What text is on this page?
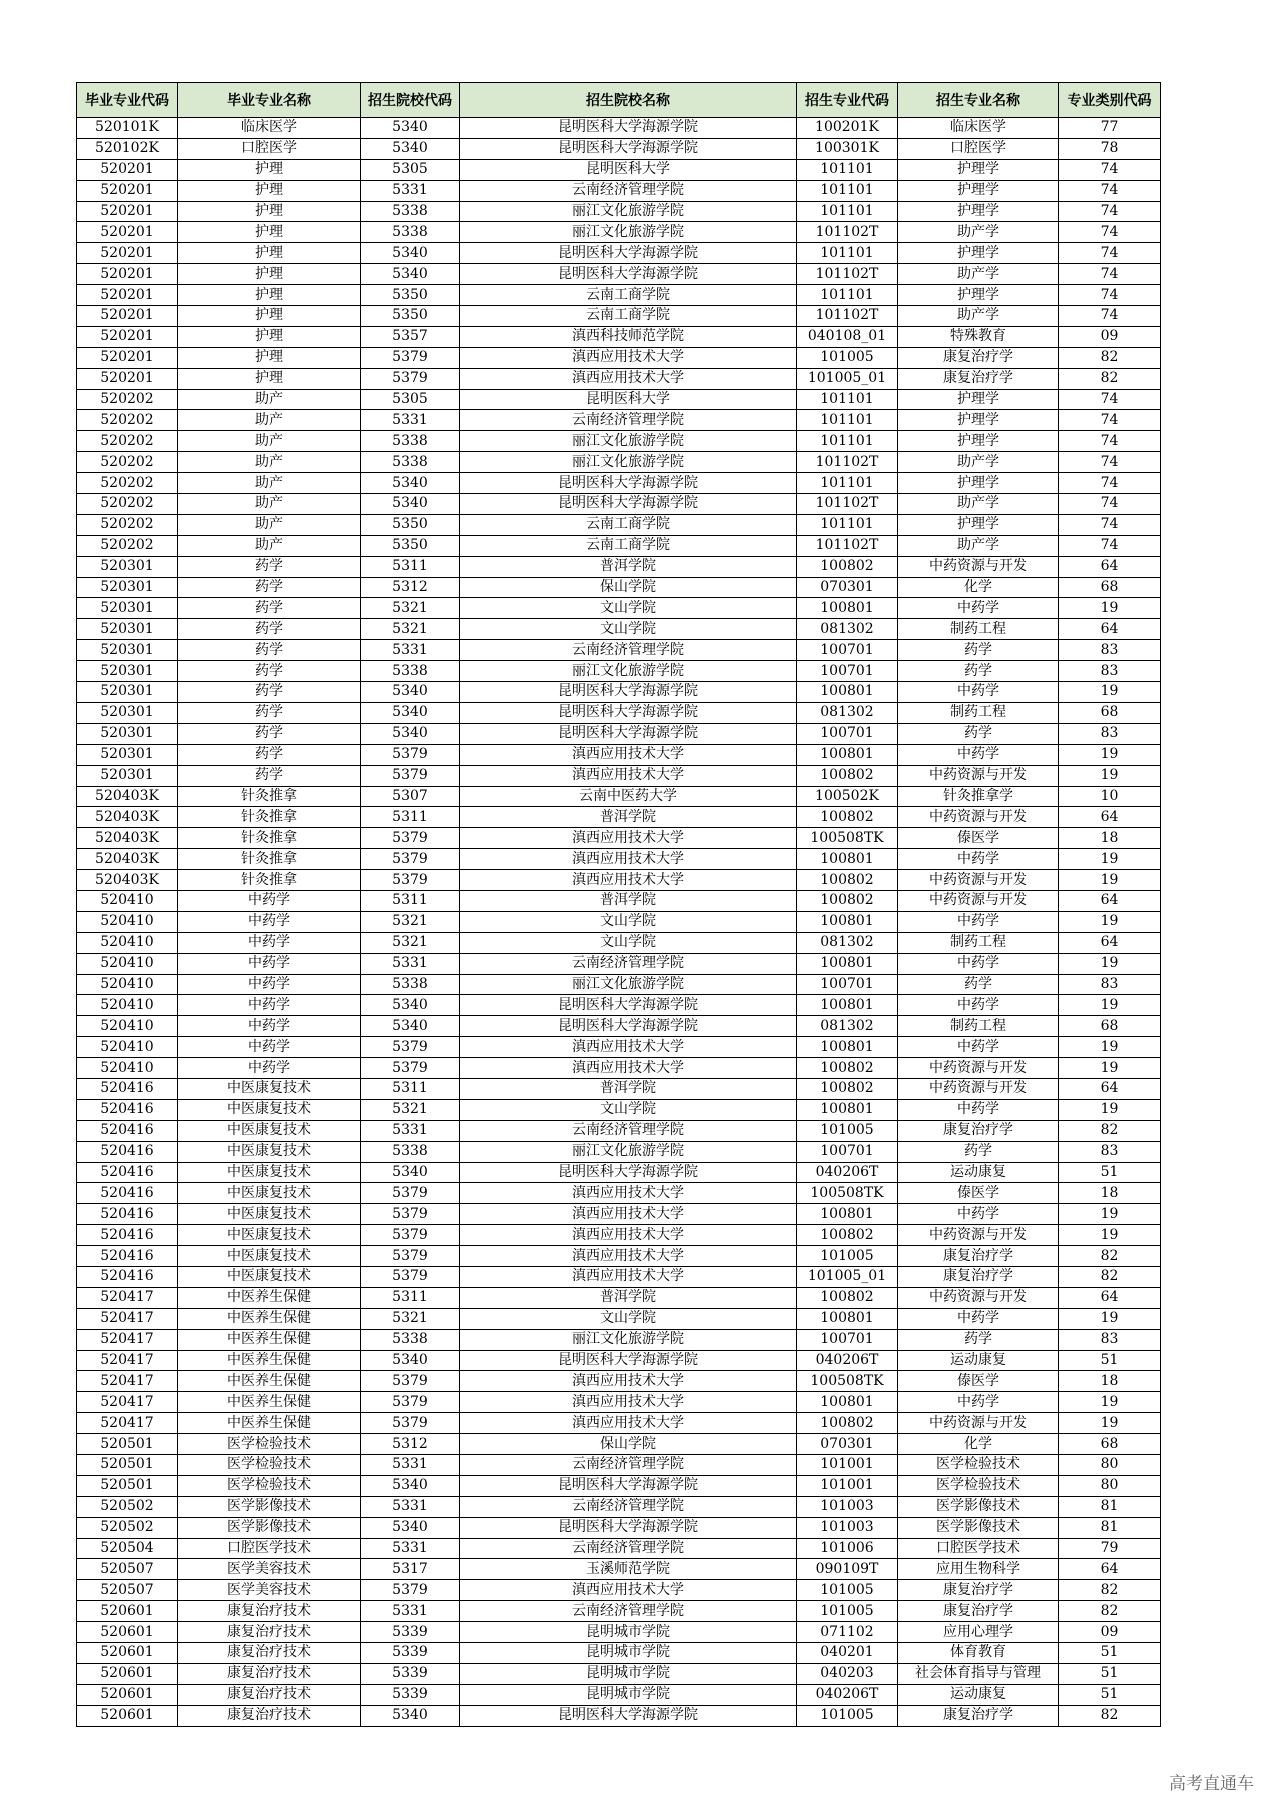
毕业专业代码	毕业专业名称	招生院校代码	招生院校名称	招生专业代码	招生专业名称	专业类别代码
520101K	临床医学	5340	昆明医科大学海源学院	100201K	临床医学	77
520102K	口腔医学	5340	昆明医科大学海源学院	100301K	口腔医学	78
520201	护理	5305	昆明医科大学	101101	护理学	74
520201	护理	5331	云南经济管理学院	101101	护理学	74
520201	护理	5338	丽江文化旅游学院	101101	护理学	74
520201	护理	5338	丽江文化旅游学院	101102T	助产学	74
520201	护理	5340	昆明医科大学海源学院	101101	护理学	74
520201	护理	5340	昆明医科大学海源学院	101102T	助产学	74
520201	护理	5350	云南工商学院	101101	护理学	74
520201	护理	5350	云南工商学院	101102T	助产学	74
520201	护理	5357	滇西科技师范学院	040108_01	特殊教育	09
520201	护理	5379	滇西应用技术大学	101005	康复治疗学	82
520201	护理	5379	滇西应用技术大学	101005_01	康复治疗学	82
520202	助产	5305	昆明医科大学	101101	护理学	74
520202	助产	5331	云南经济管理学院	101101	护理学	74
520202	助产	5338	丽江文化旅游学院	101101	护理学	74
520202	助产	5338	丽江文化旅游学院	101102T	助产学	74
520202	助产	5340	昆明医科大学海源学院	101101	护理学	74
520202	助产	5340	昆明医科大学海源学院	101102T	助产学	74
520202	助产	5350	云南工商学院	101101	护理学	74
520202	助产	5350	云南工商学院	101102T	助产学	74
520301	药学	5311	普洱学院	100802	中药资源与开发	64
520301	药学	5312	保山学院	070301	化学	68
520301	药学	5321	文山学院	100801	中药学	19
520301	药学	5321	文山学院	081302	制药工程	64
520301	药学	5331	云南经济管理学院	100701	药学	83
520301	药学	5338	丽江文化旅游学院	100701	药学	83
520301	药学	5340	昆明医科大学海源学院	100801	中药学	19
520301	药学	5340	昆明医科大学海源学院	081302	制药工程	68
520301	药学	5340	昆明医科大学海源学院	100701	药学	83
520301	药学	5379	滇西应用技术大学	100801	中药学	19
520301	药学	5379	滇西应用技术大学	100802	中药资源与开发	19
520403K	针灸推拿	5307	云南中医药大学	100502K	针灸推拿学	10
520403K	针灸推拿	5311	普洱学院	100802	中药资源与开发	64
520403K	针灸推拿	5379	滇西应用技术大学	100508TK	傣医学	18
520403K	针灸推拿	5379	滇西应用技术大学	100801	中药学	19
520403K	针灸推拿	5379	滇西应用技术大学	100802	中药资源与开发	19
520410	中药学	5311	普洱学院	100802	中药资源与开发	64
520410	中药学	5321	文山学院	100801	中药学	19
520410	中药学	5321	文山学院	081302	制药工程	64
520410	中药学	5331	云南经济管理学院	100801	中药学	19
520410	中药学	5338	丽江文化旅游学院	100701	药学	83
520410	中药学	5340	昆明医科大学海源学院	100801	中药学	19
520410	中药学	5340	昆明医科大学海源学院	081302	制药工程	68
520410	中药学	5379	滇西应用技术大学	100801	中药学	19
520410	中药学	5379	滇西应用技术大学	100802	中药资源与开发	19
520416	中医康复技术	5311	普洱学院	100802	中药资源与开发	64
520416	中医康复技术	5321	文山学院	100801	中药学	19
520416	中医康复技术	5331	云南经济管理学院	101005	康复治疗学	82
520416	中医康复技术	5338	丽江文化旅游学院	100701	药学	83
520416	中医康复技术	5340	昆明医科大学海源学院	040206T	运动康复	51
520416	中医康复技术	5379	滇西应用技术大学	100508TK	傣医学	18
520416	中医康复技术	5379	滇西应用技术大学	100801	中药学	19
520416	中医康复技术	5379	滇西应用技术大学	100802	中药资源与开发	19
520416	中医康复技术	5379	滇西应用技术大学	101005	康复治疗学	82
520416	中医康复技术	5379	滇西应用技术大学	101005_01	康复治疗学	82
520417	中医养生保健	5311	普洱学院	100802	中药资源与开发	64
520417	中医养生保健	5321	文山学院	100801	中药学	19
520417	中医养生保健	5338	丽江文化旅游学院	100701	药学	83
520417	中医养生保健	5340	昆明医科大学海源学院	040206T	运动康复	51
520417	中医养生保健	5379	滇西应用技术大学	100508TK	傣医学	18
520417	中医养生保健	5379	滇西应用技术大学	100801	中药学	19
520417	中医养生保健	5379	滇西应用技术大学	100802	中药资源与开发	19
520501	医学检验技术	5312	保山学院	070301	化学	68
520501	医学检验技术	5331	云南经济管理学院	101001	医学检验技术	80
520501	医学检验技术	5340	昆明医科大学海源学院	101001	医学检验技术	80
520502	医学影像技术	5331	云南经济管理学院	101003	医学影像技术	81
520502	医学影像技术	5340	昆明医科大学海源学院	101003	医学影像技术	81
520504	口腔医学技术	5331	云南经济管理学院	101006	口腔医学技术	79
520507	医学美容技术	5317	玉溪师范学院	090109T	应用生物科学	64
520507	医学美容技术	5379	滇西应用技术大学	101005	康复治疗学	82
520601	康复治疗技术	5331	云南经济管理学院	101005	康复治疗学	82
520601	康复治疗技术	5339	昆明城市学院	071102	应用心理学	09
520601	康复治疗技术	5339	昆明城市学院	040201	体育教育	51
520601	康复治疗技术	5339	昆明城市学院	040203	社会体育指导与管理	51
520601	康复治疗技术	5339	昆明城市学院	040206T	运动康复	51
520601	康复治疗技术	5340	昆明医科大学海源学院	101005	康复治疗学	82
高考直通车
